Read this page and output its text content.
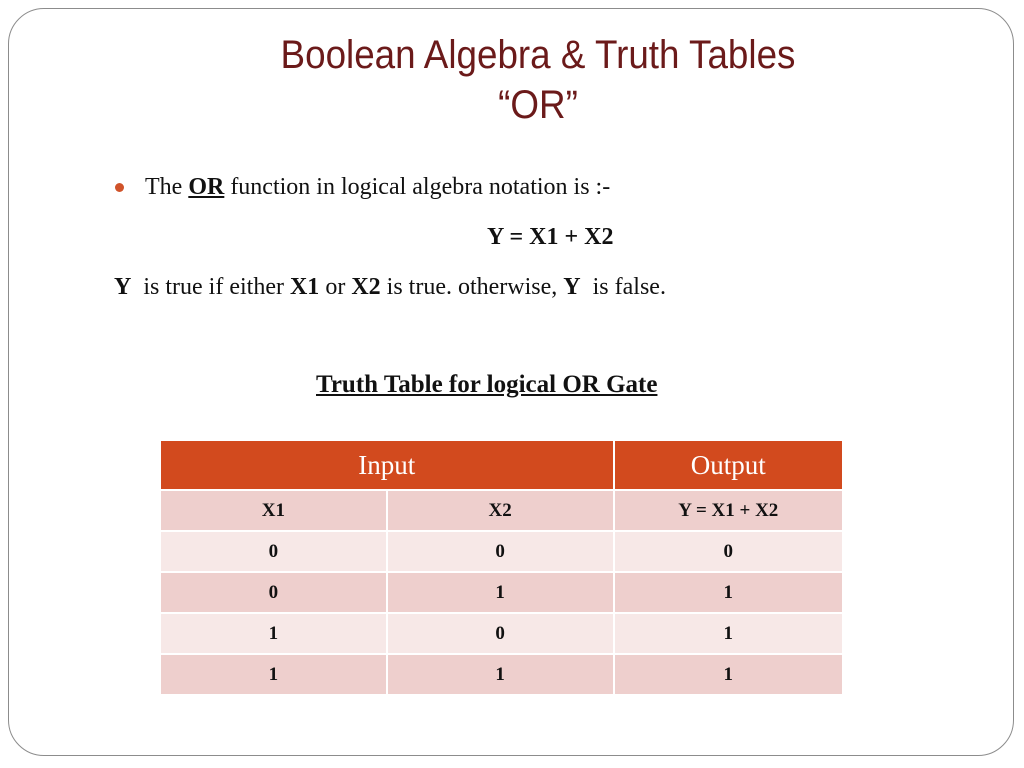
Boolean Algebra & Truth Tables
“OR”
The OR function in logical algebra notation is :-
Y = X1 + X2
Y is true if either X1 or X2 is true. otherwise, Y is false.
Truth Table for logical OR Gate
Input		Output
X1	X2	Y = X1 + X2
0	0	0
0	1	1
1	0	1
1	1	1
